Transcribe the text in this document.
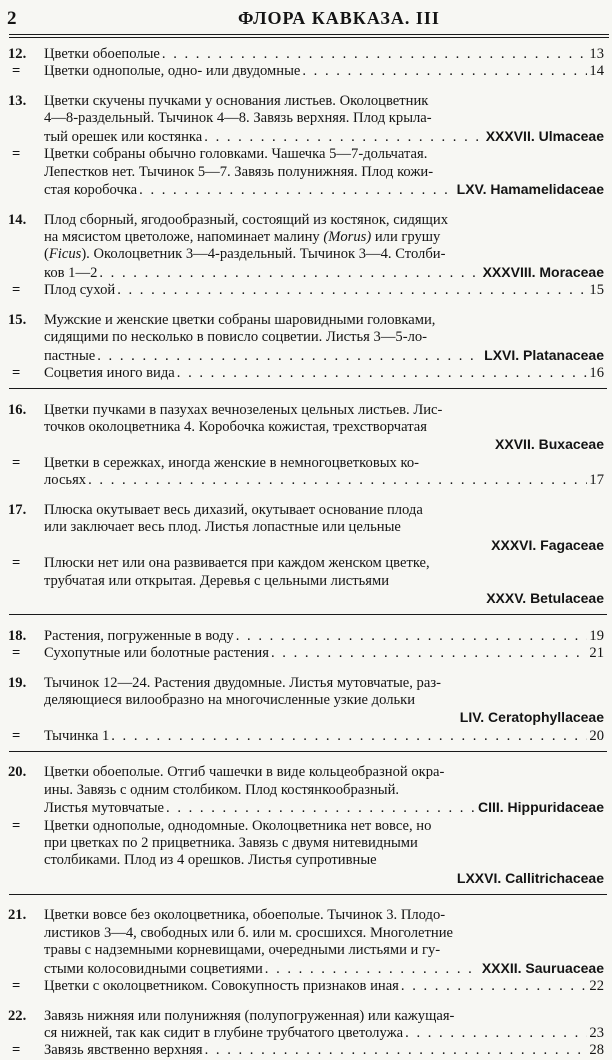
2	ФЛОРА КАВКАЗА. III
12.	Цветки обоеполые . . .	13
=	Цветки однополые, одно- или двудомные . . .	14
13.	Цветки скучены пучками у основания листьев. Околоцветник
4—8-раздельный. Тычинок 4—8. Завязь верхняя. Плод крыла-
тый орешек или костянка . . .	XXXVII. Ulmaceae
=	Цветки собраны обычно головками. Чашечка 5—7-дольчатая.
Лепестков нет. Тычинок 5—7. Завязь полунижняя. Плод кожи-
стая коробочка . . .	LXV. Hamamelidaceae
14.	Плод сборный, ягодообразный, состоящий из костянок, сидящих
на мясистом цветоложе, напоминает малину (Morus) или грушу
(Ficus). Околоцветник 3—4-раздельный. Тычинок 3—4. Столби-
ков 1—2 . . .	XXXVIII. Moraceae
=	Плод сухой . . .	15
15.	Мужские и женские цветки собраны шаровидными головками,
сидящими по несколько в повисло соцветии. Листья 3—5-ло-
пастные . . .	LXVI. Platanaceae
=	Соцветия иного вида . . .	16
16.	Цветки пучками в пазухах вечнозеленых цельных листьев. Лис-
точков околоцветника 4. Коробочка кожистая, трехстворчатая
XXVII. Buxaceae
=	Цветки в сережках, иногда женские в немногоцветковых ко-
лосьях . . .	17
17.	Плюска окутывает весь дихазий, окутывает основание плода
или заключает весь плод. Листья лопастные или цельные
XXXVI. Fagaceae
=	Плюски нет или она развивается при каждом женском цветке,
трубчатая или открытая. Деревья с цельными листьями
XXXV. Betulaceae
18.	Растения, погруженные в воду . . .	19
=	Сухопутные или болотные растения . . .	21
19.	Тычинок 12—24. Растения двудомные. Листья мутовчатые, раз-
деляющиеся вилообразно на многочисленные узкие дольки
LIV. Ceratophyllaceae
=	Тычинка 1 . . .	20
20.	Цветки обоеполые. Отгиб чашечки в виде кольцеобразной окра-
ины. Завязь с одним столбиком. Плод костянкообразный.
Листья мутовчатые . . .	CIII. Hippuridaceae
=	Цветки однополые, однодомные. Околоцветника нет вовсе, но
при цветках по 2 прицветника. Завязь с двумя нитевидными
столбиками. Плод из 4 орешков. Листья супротивные
LXXVI. Callitrichaceae
21.	Цветки вовсе без околоцветника, обоеполые. Тычинок 3. Плодо-
листиков 3—4, свободных или б. или м. сросшихся. Многолетние
травы с надземными корневищами, очередными листьями и гу-
стыми колосовидными соцветиями . . .	XXXII. Sauruaceae
=	Цветки с околоцветником. Совокупность признаков иная . . .	22
22.	Завязь нижняя или полунижняя (полупогруженная) или кажущая-
ся нижней, так как сидит в глубине трубчатого цветолужа . . .	23
=	Завязь явственно верхняя . . .	28
